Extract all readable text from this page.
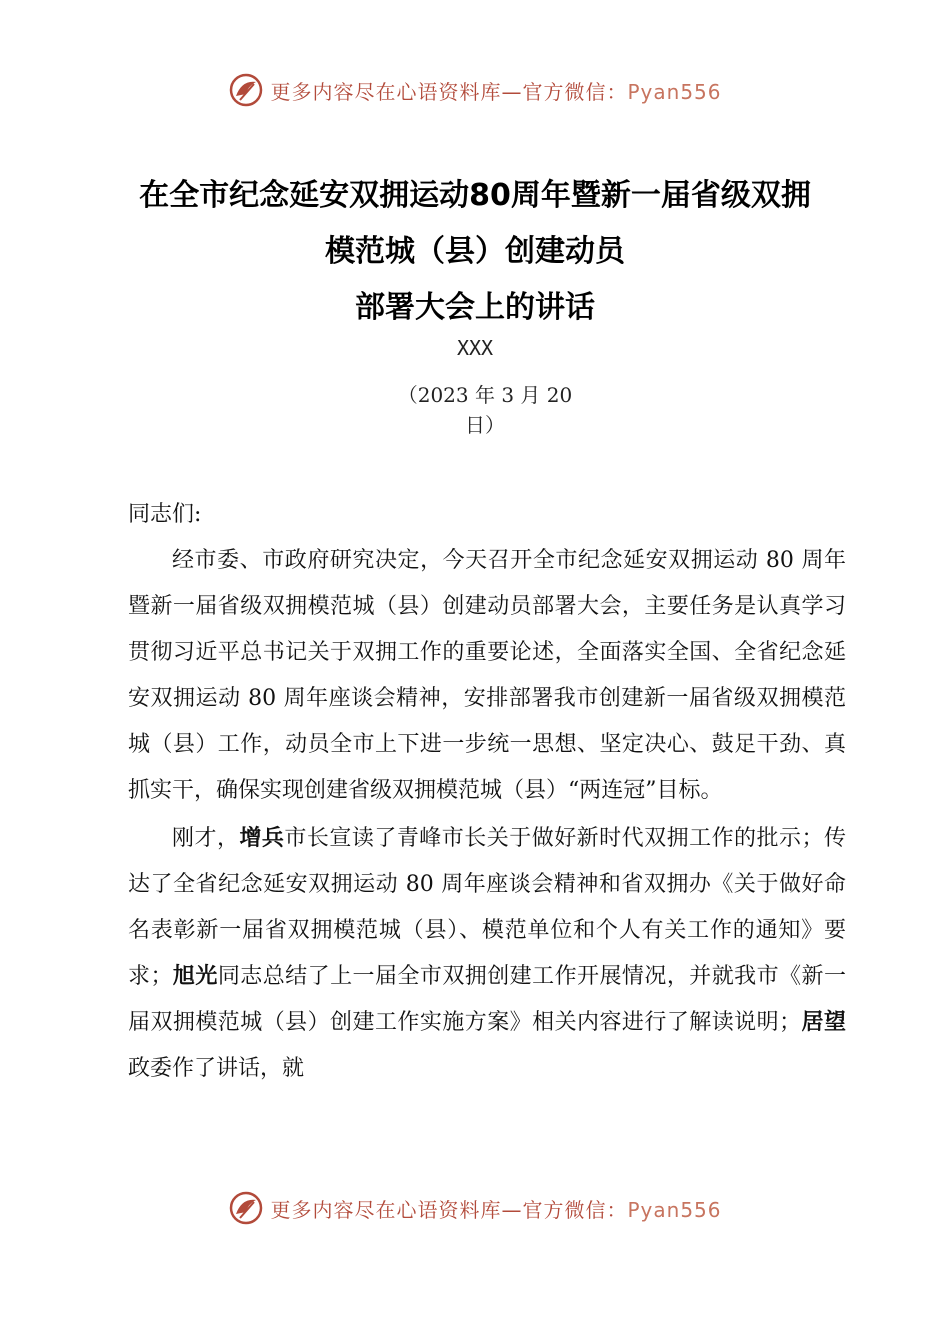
更多内容尽在心语资料库—官方微信：Pyan556
在全市纪念延安双拥运动80周年暨新一届省级双拥
模范城（县）创建动员
部署大会上的讲话
XXX
（2023 年 3 月 20
日）
同志们:

经市委、市政府研究决定，今天召开全市纪念延安双拥运动 80 周年暨新一届省级双拥模范城（县）创建动员部署大会，主要任务是认真学习贯彻习近平总书记关于双拥工作的重要论述，全面落实全国、全省纪念延安双拥运动 80 周年座谈会精神，安排部署我市创建新一届省级双拥模范城（县）工作，动员全市上下进一步统一思想、坚定决心、鼓足干劲、真抓实干，确保实现创建省级双拥模范城（县）“两连冠”目标。

刚才，增兵市长宣读了青峰市长关于做好新时代双拥工作的批示；传达了全省纪念延安双拥运动 80 周年座谈会精神和省双拥办《关于做好命名表彰新一届省双拥模范城（县）、模范单位和个人有关工作的通知》要求；旭光同志总结了上一届全市双拥创建工作开展情况，并就我市《新一届双拥模范城（县）创建工作实施方案》相关内容进行了解读说明；居望政委作了讲话，就

更多内容尽在心语资料库—官方微信：Pyan556
